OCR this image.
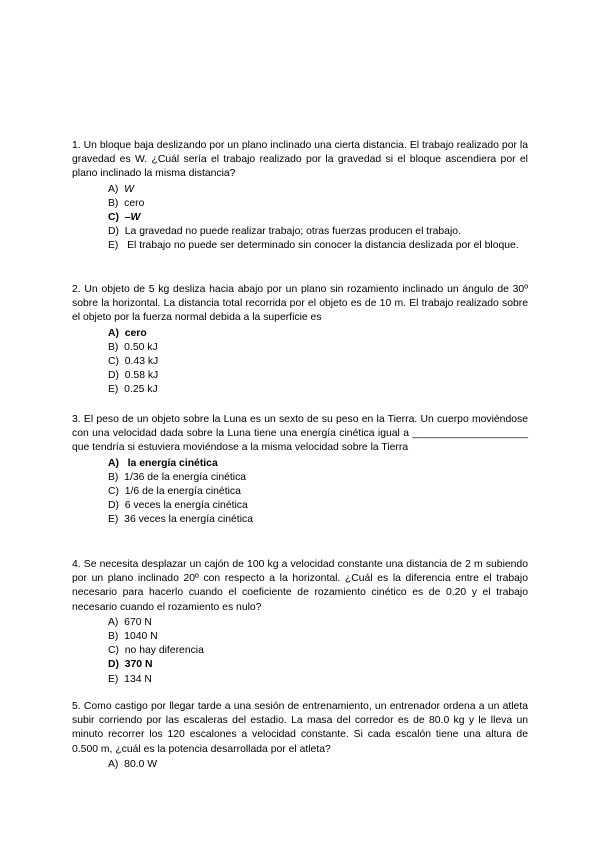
1. Un bloque baja deslizando por un plano inclinado una cierta distancia. El trabajo realizado por la gravedad es W. ¿Cuál sería el trabajo realizado por la gravedad si el bloque ascendiera por el plano inclinado la misma distancia?

A) W
B) cero
C) –W
D) La gravedad no puede realizar trabajo; otras fuerzas producen el trabajo.
E) El trabajo no puede ser determinado sin conocer la distancia deslizada por el bloque.

2. Un objeto de 5 kg desliza hacia abajo por un plano sin rozamiento inclinado un ángulo de 30º sobre la horizontal. La distancia total recorrida por el objeto es de 10 m. El trabajo realizado sobre el objeto por la fuerza normal debida a la superficie es

A) cero
B) 0.50 kJ
C) 0.43 kJ
D) 0.58 kJ
E) 0.25 kJ

3. El peso de un objeto sobre la Luna es un sexto de su peso en la Tierra. Un cuerpo moviéndose con una velocidad dada sobre la Luna tiene una energía cinética igual a ____________________que tendría si estuviera moviéndose a la misma velocidad sobre la Tierra

A) la energía cinética
B) 1/36 de la energía cinética
C) 1/6 de la energía cinética
D) 6 veces la energía cinética
E) 36 veces la energía cinética

4. Se necesita desplazar un cajón de 100 kg a velocidad constante una distancia de 2 m subiendo por un plano inclinado 20º con respecto a la horizontal. ¿Cuál es la diferencia entre el trabajo necesario para hacerlo cuando el coeficiente de rozamiento cinético es de 0.20 y el trabajo necesario cuando el rozamiento es nulo?

A) 670 N
B) 1040 N
C) no hay diferencia
D) 370 N
E) 134 N

5. Como castigo por llegar tarde a una sesión de entrenamiento, un entrenador ordena a un atleta subir corriendo por las escaleras del estadio. La masa del corredor es de 80.0 kg y le lleva un minuto recorrer los 120 escalones a velocidad constante. Si cada escalón tiene una altura de 0.500 m, ¿cuál es la potencia desarrollada por el atleta?

A) 80.0 W
